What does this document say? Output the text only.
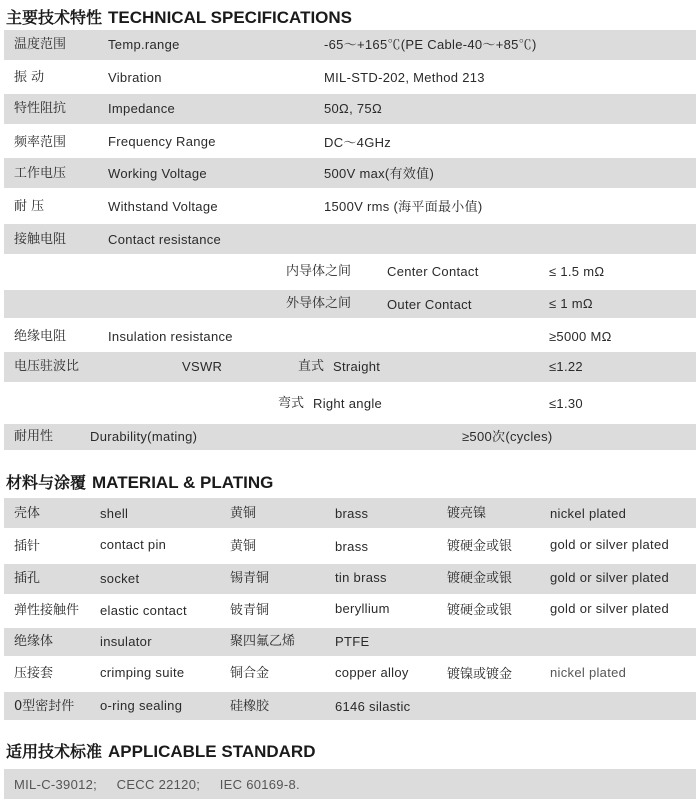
主要技术特性 TECHNICAL SPECIFICATIONS
温度范围	Temp.range	-65～+165℃(PE Cable-40～+85℃)
振 动	Vibration	MIL-STD-202, Method 213
特性阻抗	Impedance	50Ω, 75Ω
频率范围	Frequency Range	DC～4GHz
工作电压	Working Voltage	500V max(有效值)
耐 压	Withstand Voltage	1500V rms (海平面最小值)
接触电阻	Contact resistance
内导体之间	Center Contact	≤ 1.5 mΩ
外导体之间	Outer Contact	≤ 1 mΩ
绝缘电阻	Insulation resistance	≥5000 MΩ
电压驻波比	VSWR	直式 Straight	≤1.22
弯式 Right angle	≤1.30
耐用性	Durability(mating)	≥500次(cycles)
材料与涂覆 MATERIAL & PLATING
壳体	shell	黄铜	brass	镀亮镍	nickel plated
插针	contact pin	黄铜	brass	镀硬金或银	gold or silver plated
插孔	socket	锡青铜	tin brass	镀硬金或银	gold or silver plated
弹性接触件 elastic contact	铍青铜	beryllium	镀硬金或银	gold or silver plated
绝缘体	insulator	聚四氟乙烯	PTFE
压接套	crimping suite	铜合金	copper alloy	镀镍或镀金	nickel plated
0型密封件 o-ring sealing	硅橡胶	6146 silastic
适用技术标准 APPLICABLE STANDARD
MIL-C-39012;     CECC 22120;     IEC 60169-8.
